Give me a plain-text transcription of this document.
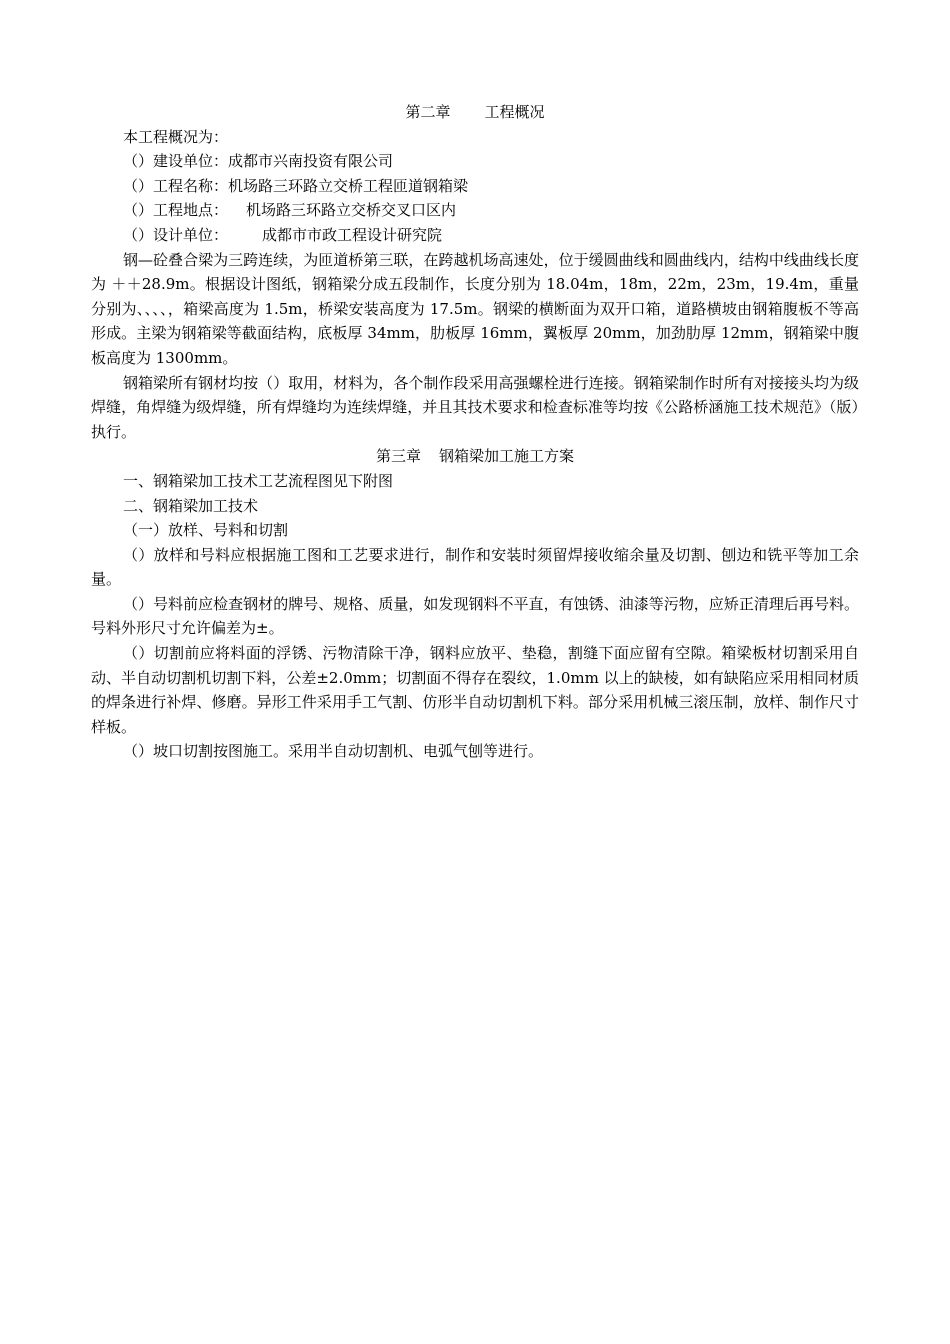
第二章 工程概况

本工程概况为：

（）建设单位：成都市兴南投资有限公司

（）工程名称：机场路三环路立交桥工程匝道钢箱梁

（）工程地点： 机场路三环路立交桥交叉口区内

（）设计单位： 成都市市政工程设计研究院

钢—砼叠合梁为三跨连续，为匝道桥第三联，在跨越机场高速处，位于缓圆曲线和圆曲线内，结构中线曲线长度为 ＋＋28.9m。根据设计图纸，钢箱梁分成五段制作，长度分别为 18.04m，18m，22m，23m，19.4m，重量分别为、、、、，箱梁高度为 1.5m，桥梁安装高度为 17.5m。钢梁的横断面为双开口箱，道路横坡由钢箱腹板不等高形成。主梁为钢箱梁等截面结构，底板厚 34mm，肋板厚 16mm，翼板厚 20mm，加劲肋厚 12mm，钢箱梁中腹板高度为 1300mm。

钢箱梁所有钢材均按（）取用，材料为，各个制作段采用高强螺栓进行连接。钢箱梁制作时所有对接接头均为级焊缝，角焊缝为级焊缝，所有焊缝均为连续焊缝，并且其技术要求和检查标准等均按《公路桥涵施工技术规范》（版）执行。

第三章 钢箱梁加工施工方案

一、钢箱梁加工技术工艺流程图见下附图

二、钢箱梁加工技术

（一）放样、号料和切割

（）放样和号料应根据施工图和工艺要求进行，制作和安装时须留焊接收缩余量及切割、刨边和铣平等加工余量。

（）号料前应检查钢材的牌号、规格、质量，如发现钢料不平直，有蚀锈、油漆等污物，应矫正清理后再号料。号料外形尺寸允许偏差为±。

（）切割前应将料面的浮锈、污物清除干净，钢料应放平、垫稳，割缝下面应留有空隙。箱梁板材切割采用自动、半自动切割机切割下料，公差±2.0mm；切割面不得存在裂纹，1.0mm 以上的缺棱，如有缺陷应采用相同材质的焊条进行补焊、修磨。异形工件采用手工气割、仿形半自动切割机下料。部分采用机械三滚压制，放样、制作尺寸样板。

（）坡口切割按图施工。采用半自动切割机、电弧气刨等进行。
